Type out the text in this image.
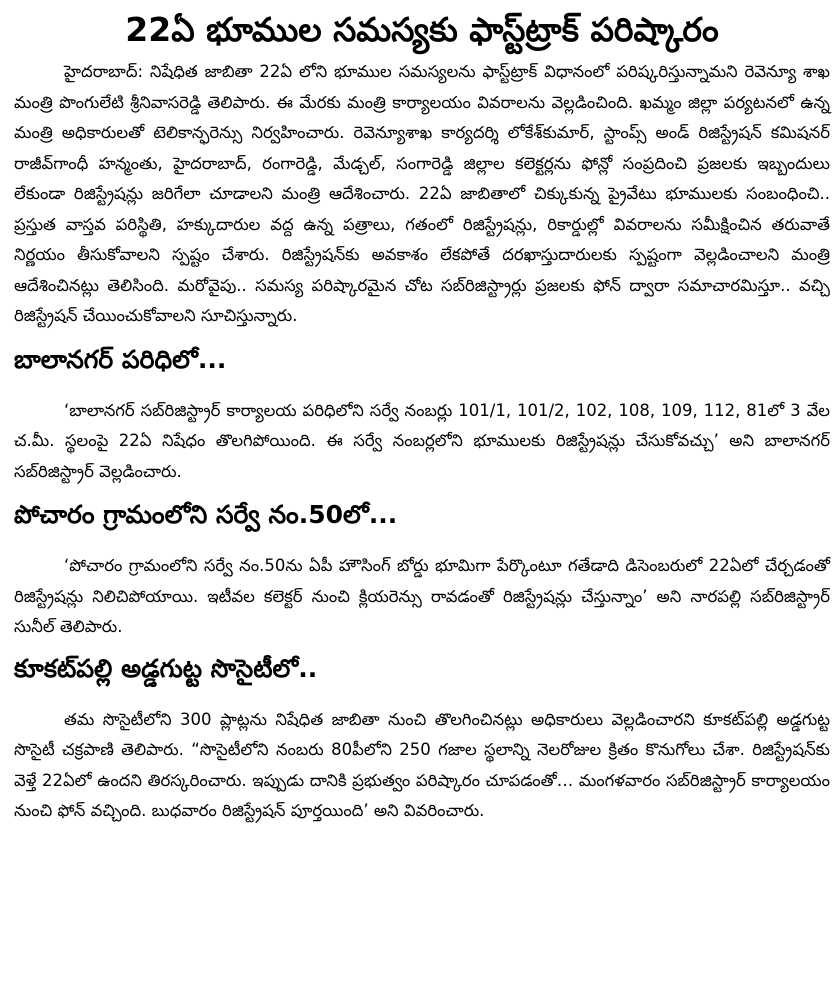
22ఏ భూముల సమస్యకు ఫాస్ట్‌ట్రాక్ పరిష్కారం

హైదరాబాద్: నిషేధిత జాబితా 22ఏ లోని భూముల సమస్యలను ఫాస్ట్‌ట్రాక్ విధానంలో పరిష్కరిస్తున్నామని రెవెన్యూ శాఖ మంత్రి పొంగులేటి శ్రీనివాసరెడ్డి తెలిపారు. ఈ మేరకు మంత్రి కార్యాలయం వివరాలను వెల్లడించింది. ఖమ్మం జిల్లా పర్యటనలో ఉన్న మంత్రి అధికారులతో టెలికాన్ఫరెన్సు నిర్వహించారు. రెవెన్యూశాఖ కార్యదర్శి లోకేశ్‌కుమార్, స్టాంప్స్ అండ్ రిజిస్ట్రేషన్ కమిషనర్ రాజీవ్‌గాంధీ హన్మంతు, హైదరాబాద్, రంగారెడ్డి, మేడ్చల్, సంగారెడ్డి జిల్లాల కలెక్టర్లను ఫోన్లో సంప్రదించి ప్రజలకు ఇబ్బందులు లేకుండా రిజిస్ట్రేషన్లు జరిగేలా చూడాలని మంత్రి ఆదేశించారు. 22ఏ జాబితాలో చిక్కుకున్న ప్రైవేటు భూములకు సంబంధించి.. ప్రస్తుత వాస్తవ పరిస్థితి, హక్కుదారుల వద్ద ఉన్న పత్రాలు, గతంలో రిజిస్ట్రేషన్లు, రికార్డుల్లో వివరాలను సమీక్షించిన తరువాతే నిర్ణయం తీసుకోవాలని స్పష్టం చేశారు. రిజిస్ట్రేషన్‌కు అవకాశం లేకపోతే దరఖాస్తుదారులకు స్పష్టంగా వెల్లడించాలని మంత్రి ఆదేశించినట్లు తెలిసింది. మరోవైపు.. సమస్య పరిష్కారమైన చోట సబ్‌రిజిస్ట్రార్లు ప్రజలకు ఫోన్ ద్వారా సమాచారమిస్తూ.. వచ్చి రిజిస్ట్రేషన్ చేయించుకోవాలని సూచిస్తున్నారు.

బాలానగర్ పరిధిలో...

‘బాలానగర్ సబ్‌రిజిస్ట్రార్ కార్యాలయ పరిధిలోని సర్వే నంబర్లు 101/1, 101/2, 102, 108, 109, 112, 81లో 3 వేల చ.మీ. స్థలంపై 22ఏ నిషేధం తొలగిపోయింది. ఈ సర్వే నంబర్లలోని భూములకు రిజిస్ట్రేషన్లు చేసుకోవచ్చు’ అని బాలానగర్ సబ్‌రిజిస్ట్రార్ వెల్లడించారు.

పోచారం గ్రామంలోని సర్వే నం.50లో...

‘పోచారం గ్రామంలోని సర్వే నం.50ను ఏపీ హౌసింగ్ బోర్డు భూమిగా పేర్కొంటూ గతేడాది డిసెంబరులో 22ఏలో చేర్చడంతో రిజిస్ట్రేషన్లు నిలిచిపోయాయి. ఇటీవల కలెక్టర్ నుంచి క్లియరెన్సు రావడంతో రిజిస్ట్రేషన్లు చేస్తున్నాం’ అని నారపల్లి సబ్‌రిజిస్ట్రార్ సునీల్ తెలిపారు.

కూకట్‌పల్లి అడ్డగుట్ట సొసైటీలో..

తమ సొసైటీలోని 300 ప్లాట్లను నిషేధిత జాబితా నుంచి తొలగించినట్లు అధికారులు వెల్లడించారని కూకట్‌పల్లి అడ్డగుట్ట సొసైటీ చక్రపాణి తెలిపారు. “సొసైటీలోని నంబరు 80పీలోని 250 గజాల స్థలాన్ని నెలరోజుల క్రితం కొనుగోలు చేశా. రిజిస్ట్రేషన్‌కు వెళ్తే 22ఏలో ఉందని తిరస్కరించారు. ఇప్పుడు దానికి ప్రభుత్వం పరిష్కారం చూపడంతో… మంగళవారం సబ్‌రిజిస్ట్రార్ కార్యాలయం నుంచి ఫోన్ వచ్చింది. బుధవారం రిజిస్ట్రేషన్ పూర్తయింది’ అని వివరించారు.
